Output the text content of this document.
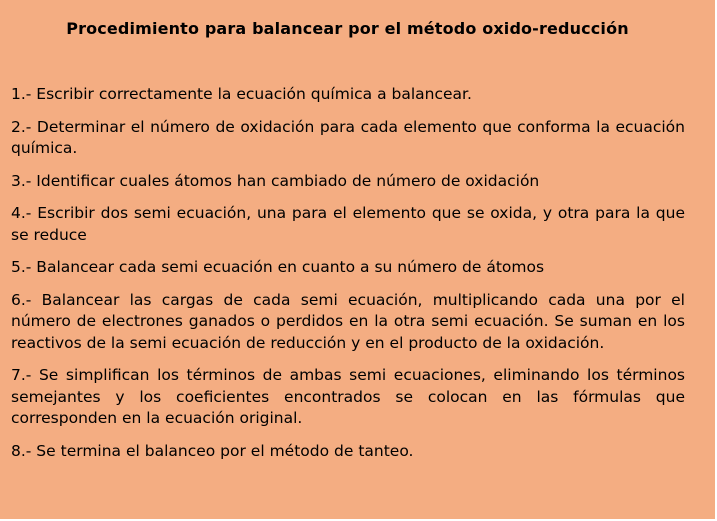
Procedimiento para balancear por el método oxido-reducción
1.- Escribir correctamente la ecuación química a balancear.
2.- Determinar el número de oxidación para cada elemento que conforma la ecuación química.
3.- Identificar cuales átomos han cambiado de número de oxidación
4.- Escribir dos semi ecuación, una para el elemento que se oxida, y otra para la que se reduce
5.- Balancear cada semi ecuación en cuanto a su número de átomos
6.- Balancear las cargas de cada semi ecuación, multiplicando cada una por el número de electrones ganados o perdidos en la otra semi ecuación. Se suman en los reactivos de la semi ecuación de reducción y en el producto de la oxidación.
7.- Se simplifican los términos de ambas semi ecuaciones, eliminando los términos semejantes y los coeficientes encontrados se colocan en las fórmulas que corresponden en la ecuación original.
8.- Se termina el balanceo por el método de tanteo.
